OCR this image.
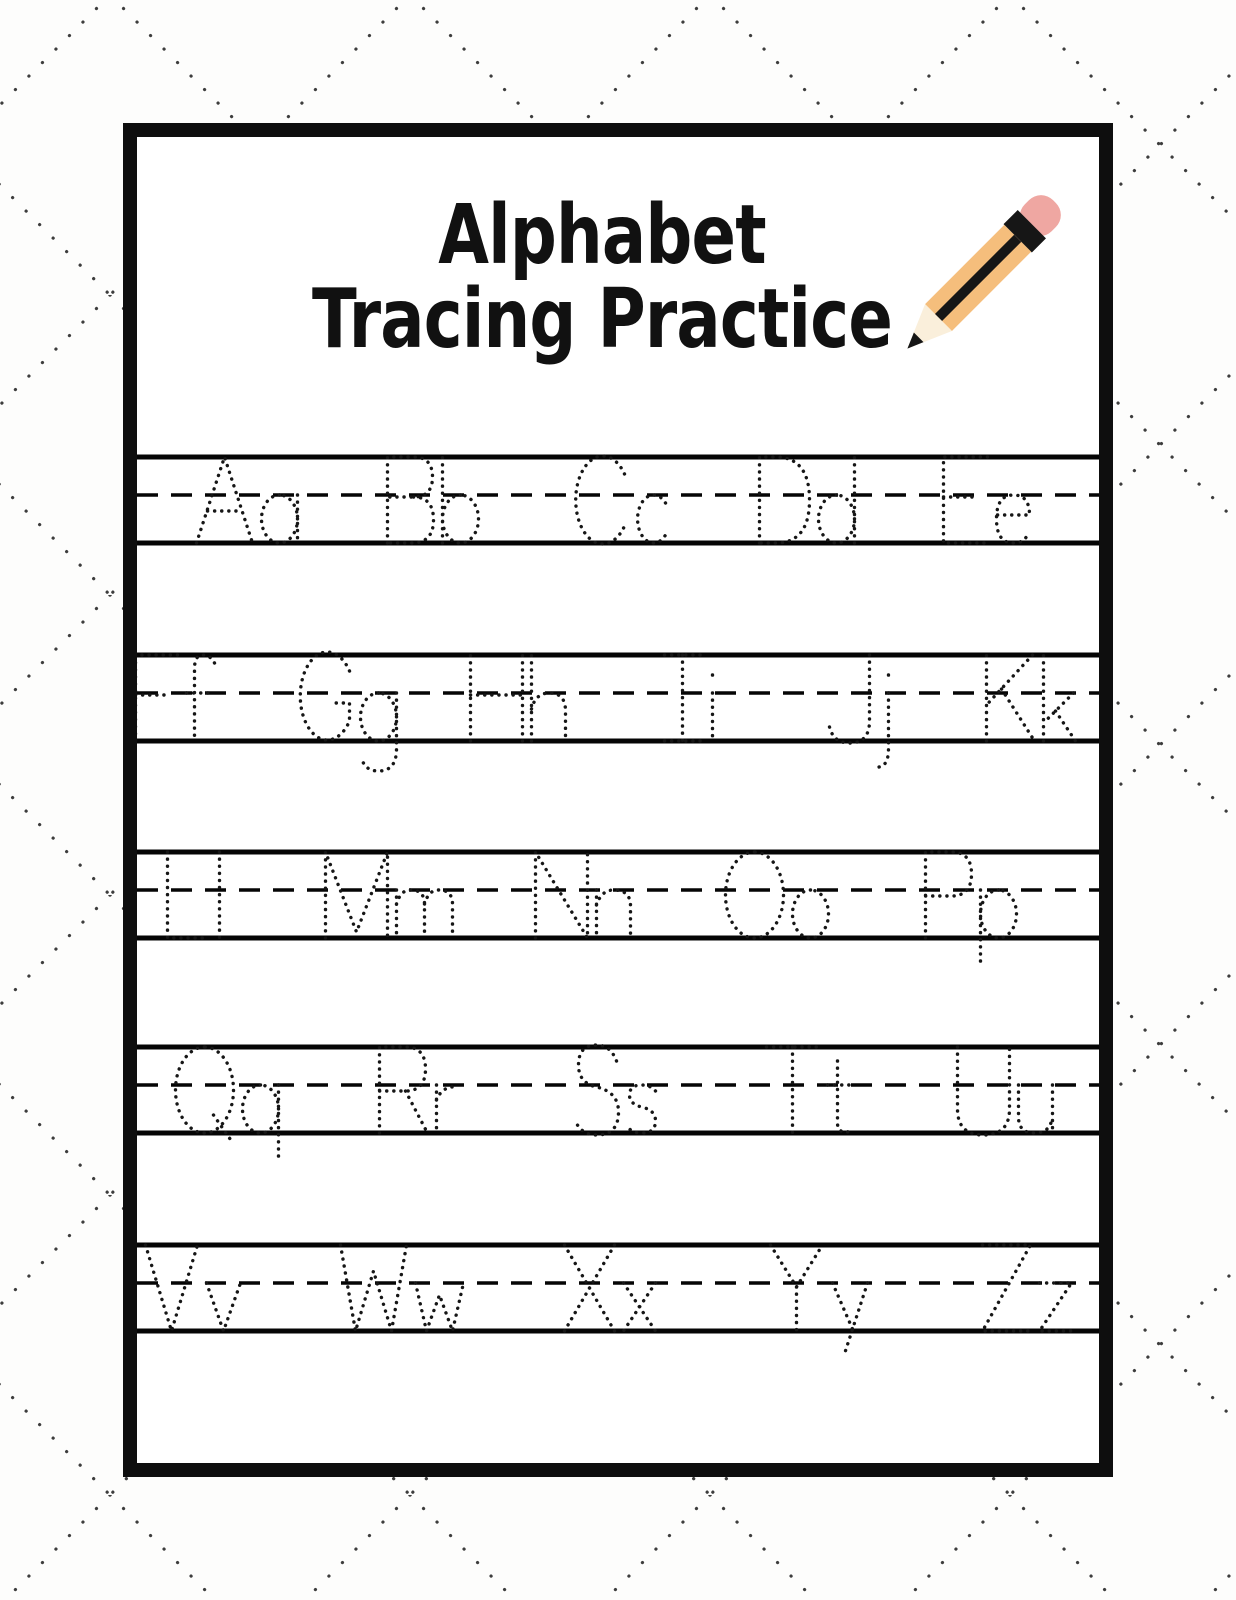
Alphabet
Tracing Practice
